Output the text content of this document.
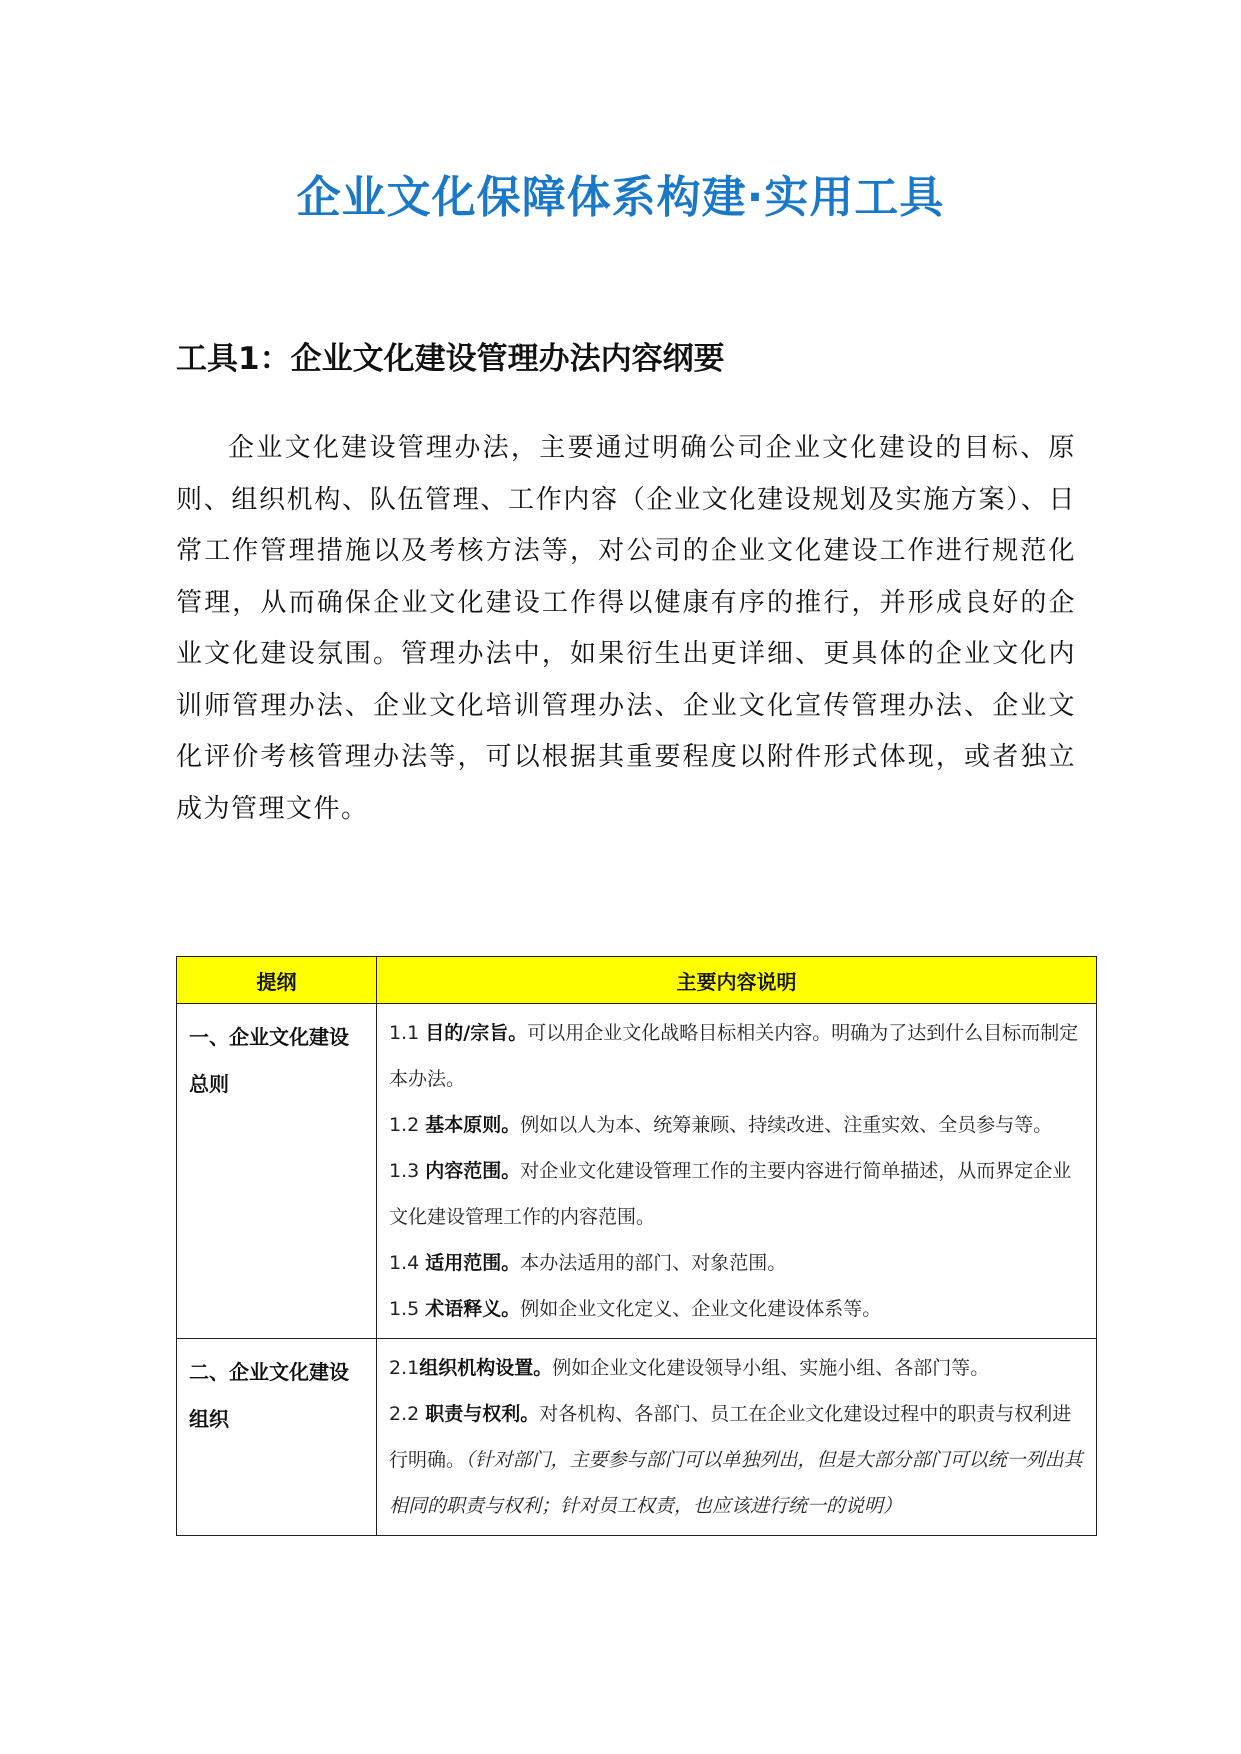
企业文化保障体系构建·实用工具
工具1：企业文化建设管理办法内容纲要

企业文化建设管理办法，主要通过明确公司企业文化建设的目标、原则、组织机构、队伍管理、工作内容（企业文化建设规划及实施方案）、日常工作管理措施以及考核方法等，对公司的企业文化建设工作进行规范化管理，从而确保企业文化建设工作得以健康有序的推行，并形成良好的企业文化建设氛围。管理办法中，如果衍生出更详细、更具体的企业文化内训师管理办法、企业文化培训管理办法、企业文化宣传管理办法、企业文化评价考核管理办法等，可以根据其重要程度以附件形式体现，或者独立成为管理文件。

提纲	主要内容说明
一、企业文化建设总则	1.1 目的/宗旨。可以用企业文化战略目标相关内容。明确为了达到什么目标而制定本办法。

1.2 基本原则。例如以人为本、统筹兼顾、持续改进、注重实效、全员参与等。

1.3 内容范围。对企业文化建设管理工作的主要内容进行简单描述，从而界定企业文化建设管理工作的内容范围。

1.4 适用范围。本办法适用的部门、对象范围。

1.5 术语释义。例如企业文化定义、企业文化建设体系等。

二、企业文化建设组织	2.1组织机构设置。例如企业文化建设领导小组、实施小组、各部门等。

2.2 职责与权利。对各机构、各部门、员工在企业文化建设过程中的职责与权利进行明确。（针对部门，主要参与部门可以单独列出，但是大部分部门可以统一列出其相同的职责与权利；针对员工权责，也应该进行统一的说明）
